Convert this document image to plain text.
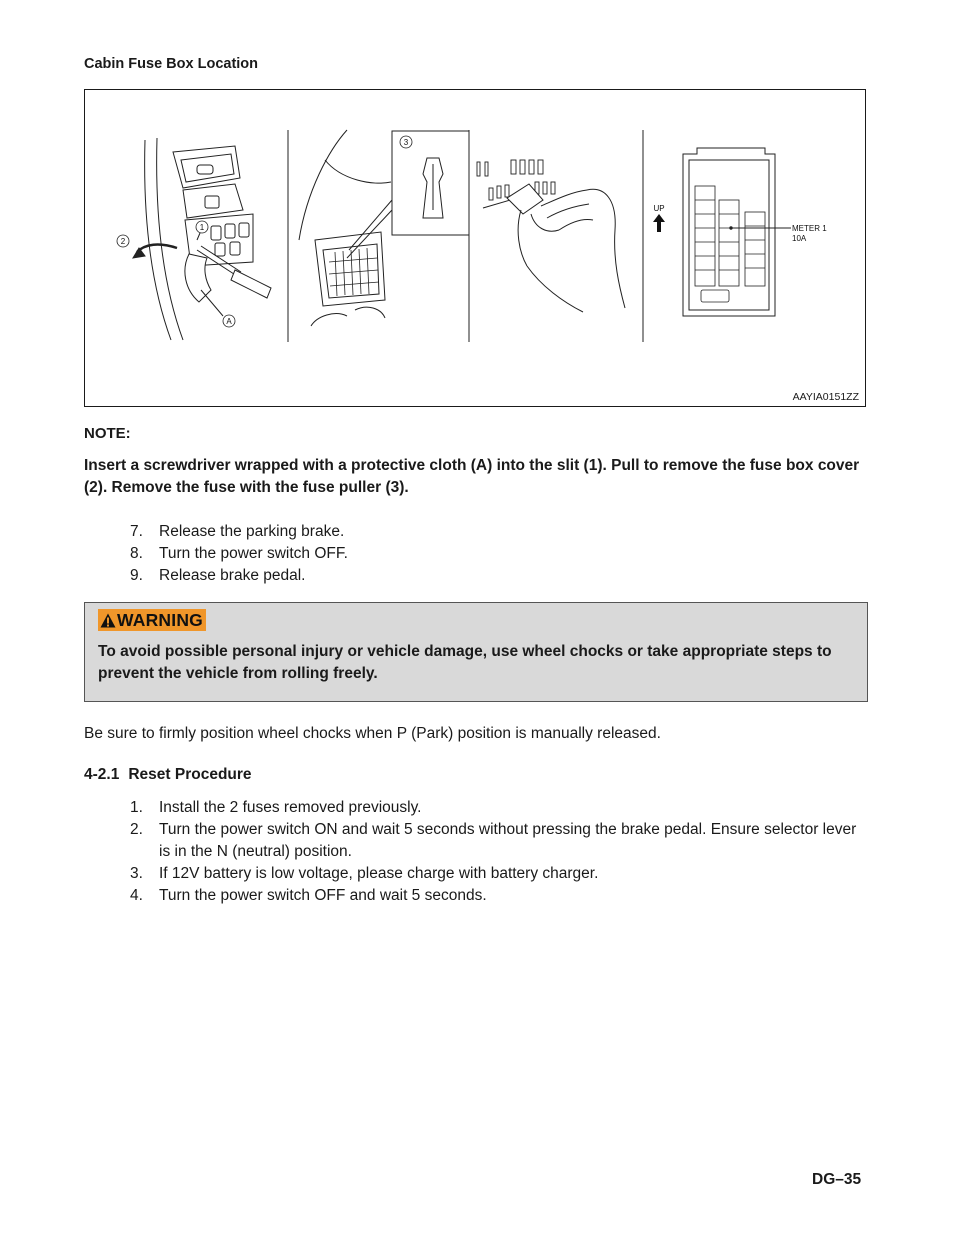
Cabin Fuse Box Location
UP
METER 1
10A
1
2
3
A
AAYIA0151ZZ
NOTE:
Insert a screwdriver wrapped with a protective cloth (A) into the slit (1). Pull to remove the fuse box cover (2). Remove the fuse with the fuse puller (3).
7.	Release the parking brake.
8.	Turn the power switch OFF.
9.	Release brake pedal.
WARNING
To avoid possible personal injury or vehicle damage, use wheel chocks or take appropriate steps to prevent the vehicle from rolling freely.
Be sure to firmly position wheel chocks when P (Park) position is manually released.
4-2.1 Reset Procedure
1.	Install the 2 fuses removed previously.
2.	Turn the power switch ON and wait 5 seconds without pressing the brake pedal. Ensure selector lever is in the N (neutral) position.
3.	If 12V battery is low voltage, please charge with battery charger.
4.	Turn the power switch OFF and wait 5 seconds.
DG–35
